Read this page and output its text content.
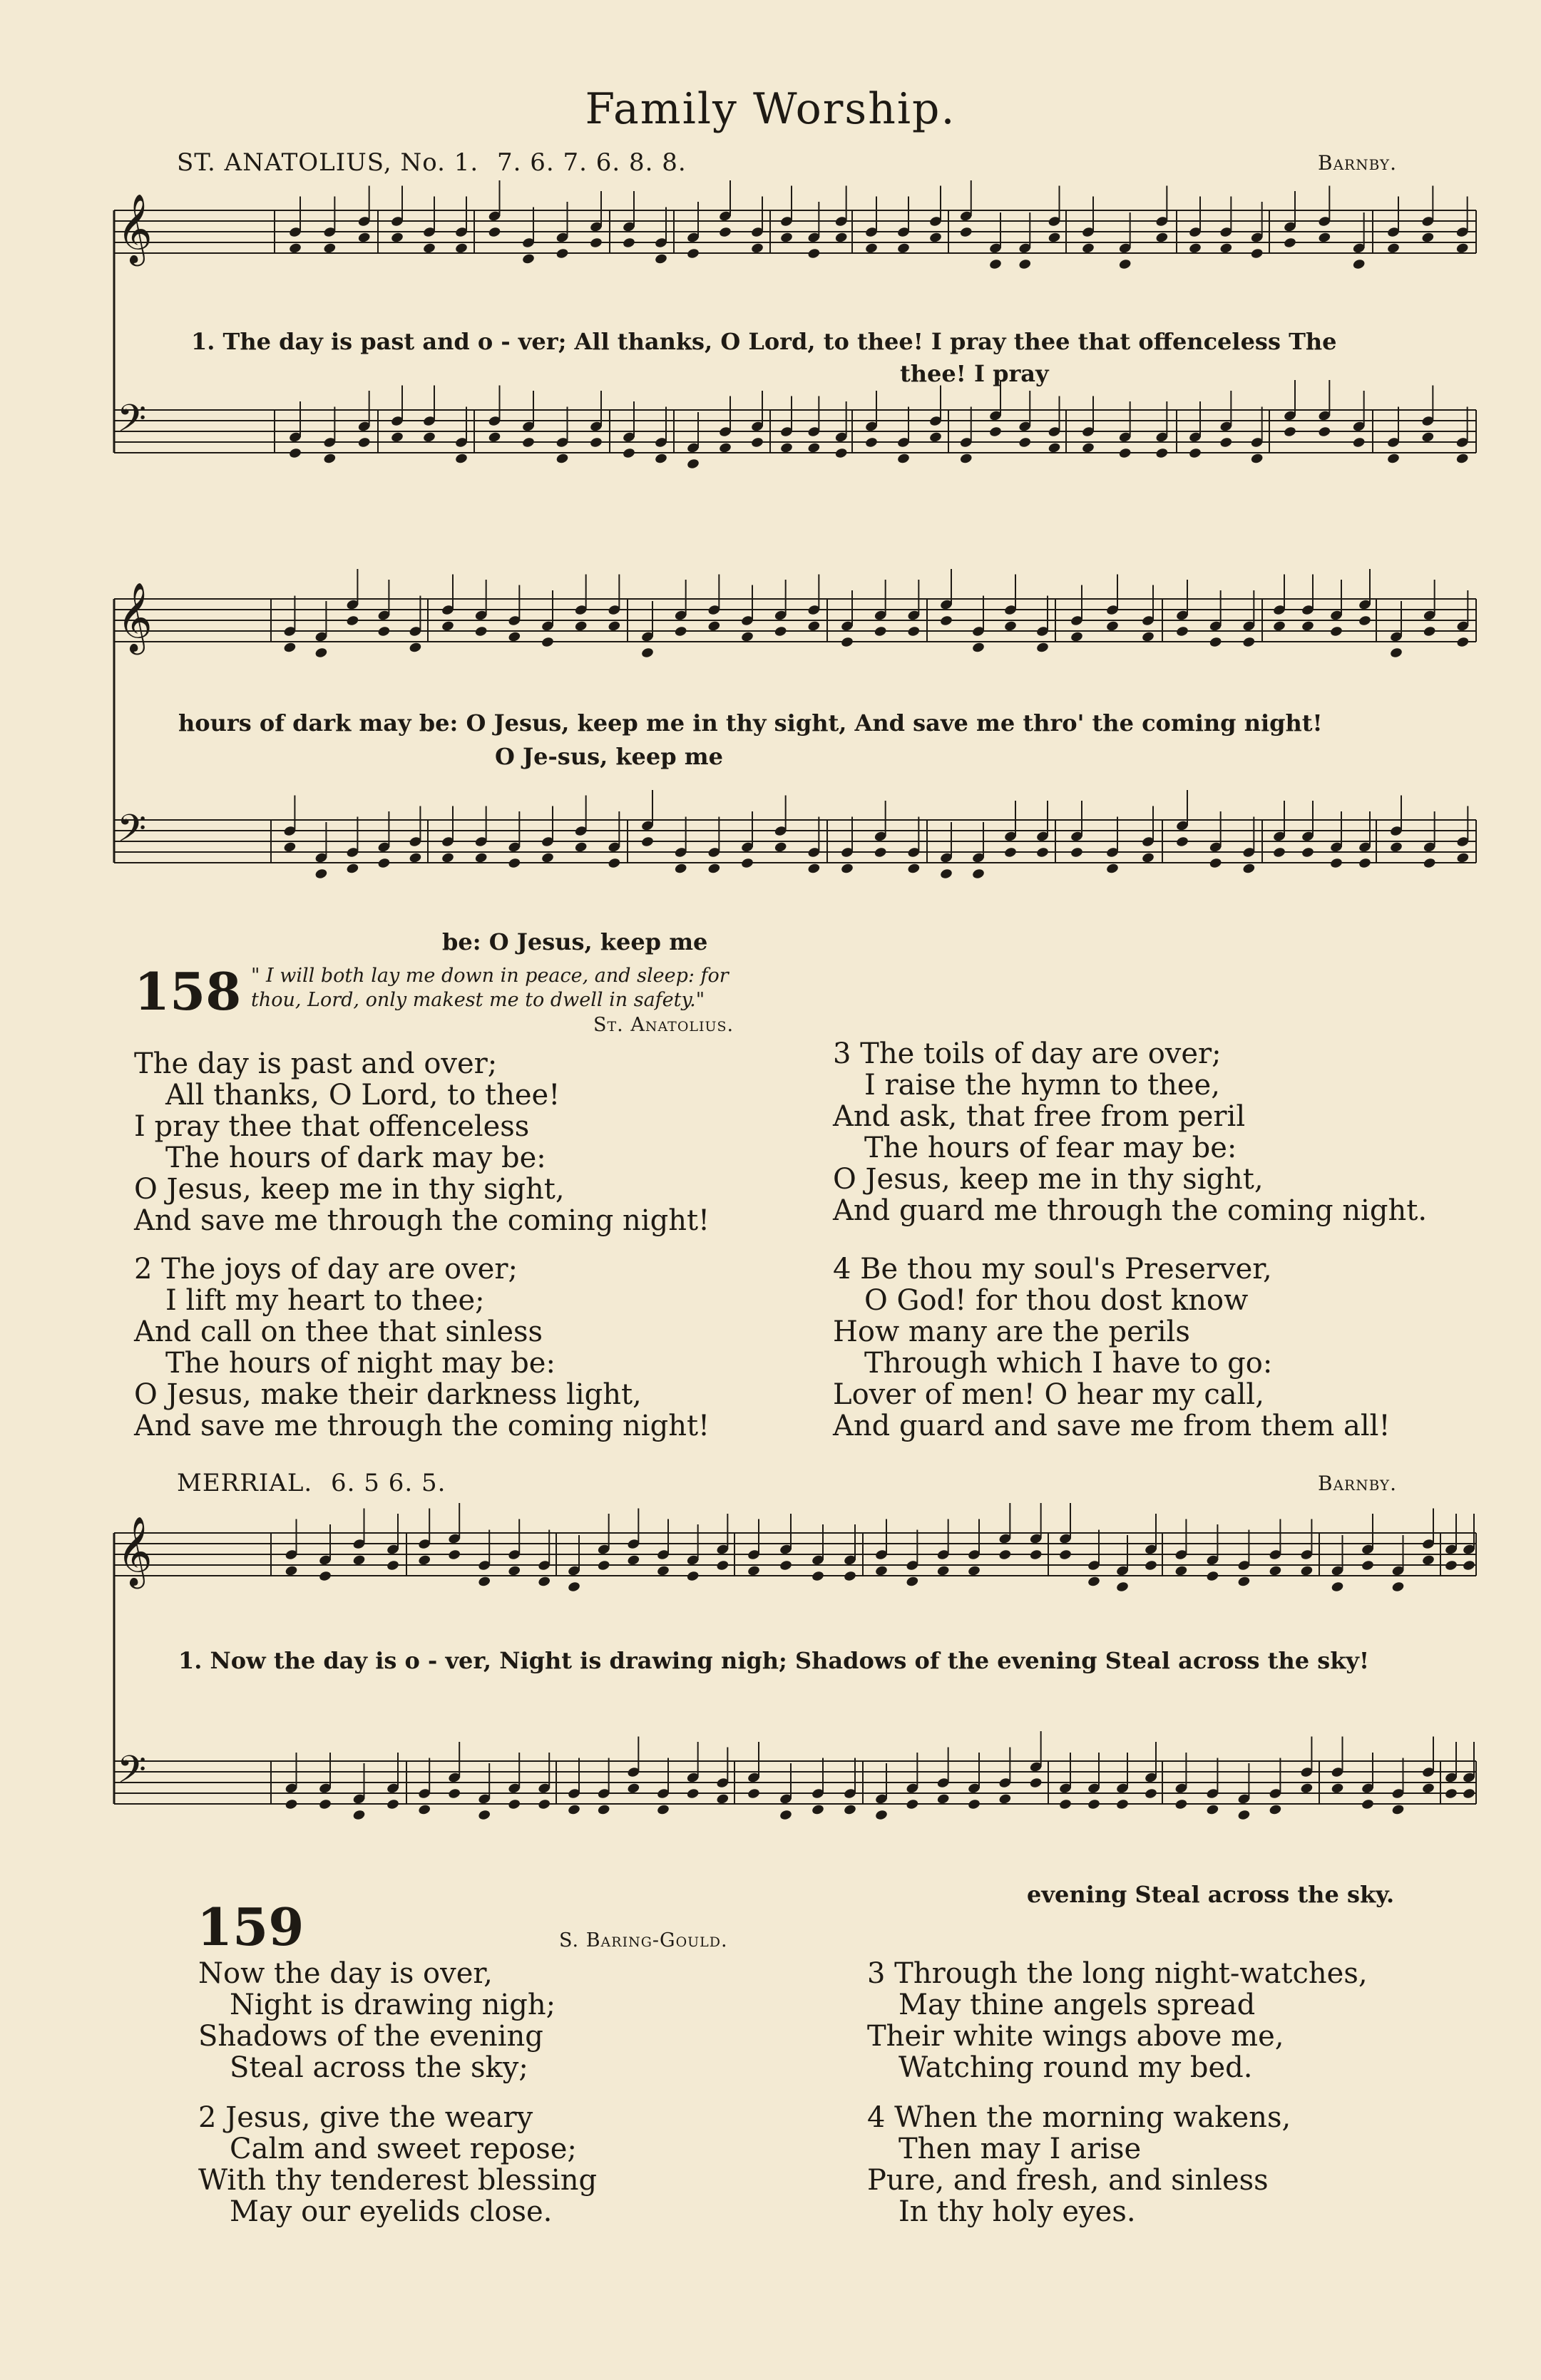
Family Worship.
ST. ANATOLIUS, No. 1. 7. 6. 7. 6. 8. 8.	Barnby.
𝄞
𝄢
1. The day is past and o - ver; All thanks, O Lord, to thee! I pray thee that offenceless The
thee! I pray
𝄞
𝄢
hours of dark may be: O Jesus, keep me in thy sight, And save me thro' the coming night!
O Je-sus, keep me
be: O Jesus, keep me
158 " I will both lay me down in peace, and sleep: for thou, Lord, only makest me to dwell in safety."
St. Anatolius.
The day is past and over;
All thanks, O Lord, to thee!
I pray thee that offenceless
The hours of dark may be:
O Jesus, keep me in thy sight,
And save me through the coming night!
2 The joys of day are over;
I lift my heart to thee;
And call on thee that sinless
The hours of night may be:
O Jesus, make their darkness light,
And save me through the coming night!
3 The toils of day are over;
I raise the hymn to thee,
And ask, that free from peril
The hours of fear may be:
O Jesus, keep me in thy sight,
And guard me through the coming night.
4 Be thou my soul's Preserver,
O God! for thou dost know
How many are the perils
Through which I have to go:
Lover of men! O hear my call,
And guard and save me from them all!
MERRIAL. 6. 5 6. 5.	Barnby.
𝄞
𝄢
1. Now the day is o - ver, Night is drawing nigh; Shadows of the evening Steal across the sky!
evening Steal across the sky.
159	S. Baring-Gould.
Now the day is over,
Night is drawing nigh;
Shadows of the evening
Steal across the sky;
2 Jesus, give the weary
Calm and sweet repose;
With thy tenderest blessing
May our eyelids close.
3 Through the long night-watches,
May thine angels spread
Their white wings above me,
Watching round my bed.
4 When the morning wakens,
Then may I arise
Pure, and fresh, and sinless
In thy holy eyes.
